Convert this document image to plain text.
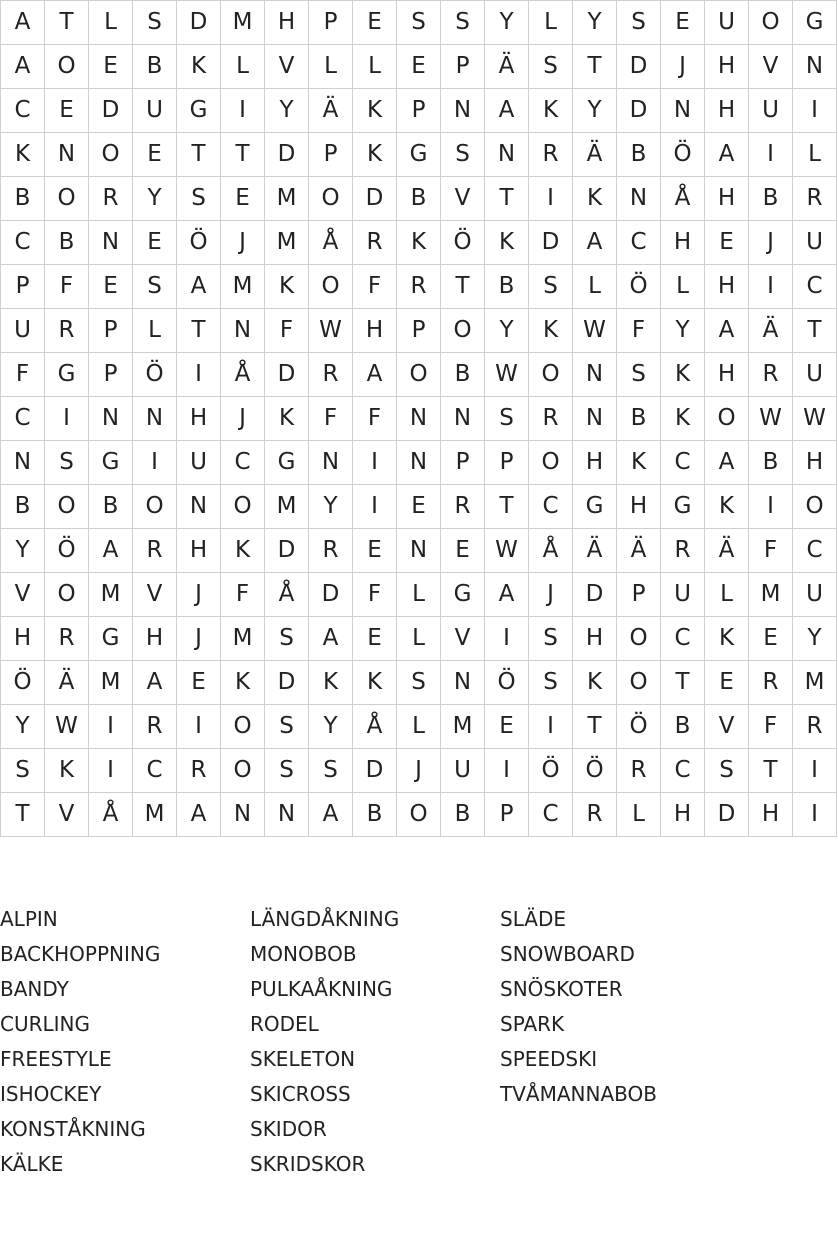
A	T	L	S	D	M	H	P	E	S	S	Y	L	Y	S	E	U	O	G
A	O	E	B	K	L	V	L	L	E	P	Ä	S	T	D	J	H	V	N
C	E	D	U	G	I	Y	Ä	K	P	N	A	K	Y	D	N	H	U	I
K	N	O	E	T	T	D	P	K	G	S	N	R	Ä	B	Ö	A	I	L
B	O	R	Y	S	E	M	O	D	B	V	T	I	K	N	Å	H	B	R
C	B	N	E	Ö	J	M	Å	R	K	Ö	K	D	A	C	H	E	J	U
P	F	E	S	A	M	K	O	F	R	T	B	S	L	Ö	L	H	I	C
U	R	P	L	T	N	F	W	H	P	O	Y	K	W	F	Y	A	Ä	T
F	G	P	Ö	I	Å	D	R	A	O	B	W	O	N	S	K	H	R	U
C	I	N	N	H	J	K	F	F	N	N	S	R	N	B	K	O	W	W
N	S	G	I	U	C	G	N	I	N	P	P	O	H	K	C	A	B	H
B	O	B	O	N	O	M	Y	I	E	R	T	C	G	H	G	K	I	O
Y	Ö	A	R	H	K	D	R	E	N	E	W	Å	Ä	Ä	R	Ä	F	C
V	O	M	V	J	F	Å	D	F	L	G	A	J	D	P	U	L	M	U
H	R	G	H	J	M	S	A	E	L	V	I	S	H	O	C	K	E	Y
Ö	Ä	M	A	E	K	D	K	K	S	N	Ö	S	K	O	T	E	R	M
Y	W	I	R	I	O	S	Y	Å	L	M	E	I	T	Ö	B	V	F	R
S	K	I	C	R	O	S	S	D	J	U	I	Ö	Ö	R	C	S	T	I
T	V	Å	M	A	N	N	A	B	O	B	P	C	R	L	H	D	H	I
ALPIN
BACKHOPPNING
BANDY
CURLING
FREESTYLE
ISHOCKEY
KONSTÅKNING
KÄLKE
LÄNGDÅKNING
MONOBOB
PULKAÅKNING
RODEL
SKELETON
SKICROSS
SKIDOR
SKRIDSKOR
SLÄDE
SNOWBOARD
SNÖSKOTER
SPARK
SPEEDSKI
TVÅMANNABOB
